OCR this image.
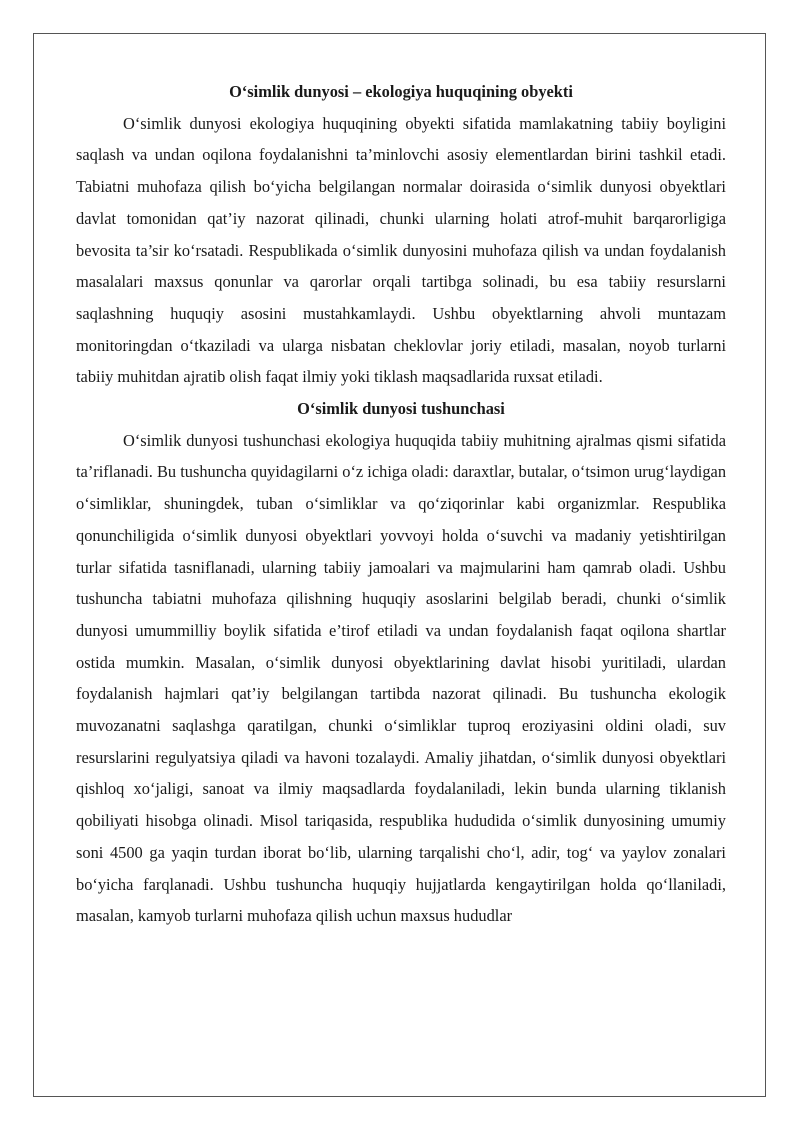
O‘simlik dunyosi – ekologiya huquqining obyekti

O‘simlik dunyosi ekologiya huquqining obyekti sifatida mamlakatning tabiiy boyligini saqlash va undan oqilona foydalanishni ta’minlovchi asosiy elementlardan birini tashkil etadi. Tabiatni muhofaza qilish bo‘yicha belgilangan normalar doirasida o‘simlik dunyosi obyektlari davlat tomonidan qat’iy nazorat qilinadi, chunki ularning holati atrof-muhit barqarorligiga bevosita ta’sir ko‘rsatadi. Respublikada o‘simlik dunyosini muhofaza qilish va undan foydalanish masalalari maxsus qonunlar va qarorlar orqali tartibga solinadi, bu esa tabiiy resurslarni saqlashning huquqiy asosini mustahkamlaydi. Ushbu obyektlarning ahvoli muntazam monitoringdan o‘tkaziladi va ularga nisbatan cheklovlar joriy etiladi, masalan, noyob turlarni tabiiy muhitdan ajratib olish faqat ilmiy yoki tiklash maqsadlarida ruxsat etiladi.

O‘simlik dunyosi tushunchasi

O‘simlik dunyosi tushunchasi ekologiya huquqida tabiiy muhitning ajralmas qismi sifatida ta’riflanadi. Bu tushuncha quyidagilarni o‘z ichiga oladi: daraxtlar, butalar, o‘tsimon urug‘laydigan o‘simliklar, shuningdek, tuban o‘simliklar va qo‘ziqorinlar kabi organizmlar. Respublika qonunchiligida o‘simlik dunyosi obyektlari yovvoyi holda o‘suvchi va madaniy yetishtirilgan turlar sifatida tasniflanadi, ularning tabiiy jamoalari va majmularini ham qamrab oladi. Ushbu tushuncha tabiatni muhofaza qilishning huquqiy asoslarini belgilab beradi, chunki o‘simlik dunyosi umummilliy boylik sifatida e’tirof etiladi va undan foydalanish faqat oqilona shartlar ostida mumkin. Masalan, o‘simlik dunyosi obyektlarining davlat hisobi yuritiladi, ulardan foydalanish hajmlari qat’iy belgilangan tartibda nazorat qilinadi. Bu tushuncha ekologik muvozanatni saqlashga qaratilgan, chunki o‘simliklar tuproq eroziyasini oldini oladi, suv resurslarini regulyatsiya qiladi va havoni tozalaydi. Amaliy jihatdan, o‘simlik dunyosi obyektlari qishloq xo‘jaligi, sanoat va ilmiy maqsadlarda foydalaniladi, lekin bunda ularning tiklanish qobiliyati hisobga olinadi. Misol tariqasida, respublika hududida o‘simlik dunyosining umumiy soni 4500 ga yaqin turdan iborat bo‘lib, ularning tarqalishi cho‘l, adir, tog‘ va yaylov zonalari bo‘yicha farqlanadi. Ushbu tushuncha huquqiy hujjatlarda kengaytirilgan holda qo‘llaniladi, masalan, kamyob turlarni muhofaza qilish uchun maxsus hududlar
